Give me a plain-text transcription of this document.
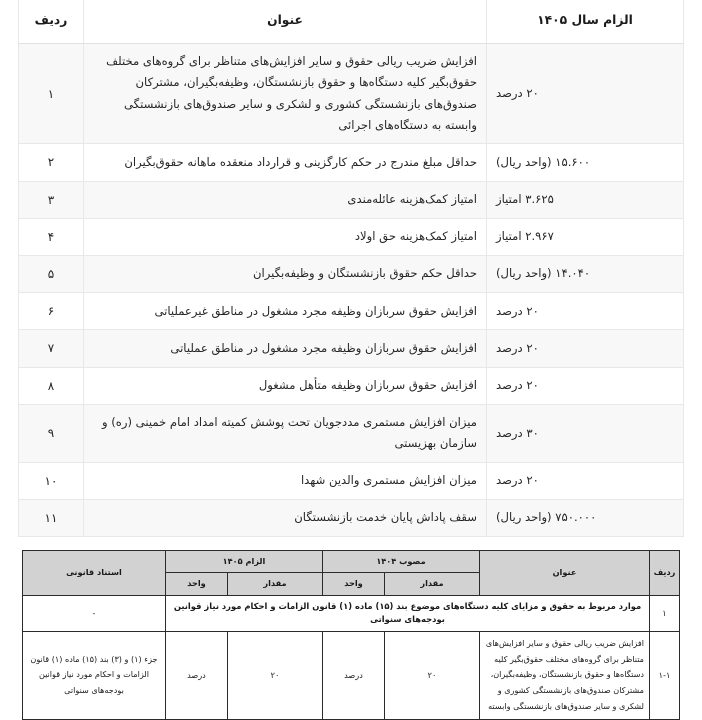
الزام سال ۱۴۰۵	عنوان	ردیف
۲۰ درصد	افزایش ضریب ریالی حقوق و سایر افزایش‌های متناظر برای گروه‌های مختلف حقوق‌بگیر کلیه دستگاه‌ها و حقوق بازنشستگان، وظیفه‌بگیران، مشترکان صندوق‌های بازنشستگی کشوری و لشکری و سایر صندوق‌های بازنشستگی وابسته به دستگاه‌های اجرائی	۱
۱۵.۶۰۰ (واحد ریال)	حداقل مبلغ مندرج در حکم کارگزینی و قرارداد منعقده ماهانه حقوق‌بگیران	۲
۳.۶۲۵ امتیاز	امتیاز کمک‌هزینه عائله‌مندی	۳
۲.۹۶۷ امتیاز	امتیاز کمک‌هزینه حق اولاد	۴
۱۴.۰۴۰ (واحد ریال)	حداقل حکم حقوق بازنشستگان و وظیفه‌بگیران	۵
۲۰ درصد	افزایش حقوق سربازان وظیفه مجرد مشغول در مناطق غیرعملیاتی	۶
۲۰ درصد	افزایش حقوق سربازان وظیفه مجرد مشغول در مناطق عملیاتی	۷
۲۰ درصد	افزایش حقوق سربازان وظیفه متأهل مشغول	۸
۳۰ درصد	میزان افزایش مستمری مددجویان تحت پوشش کمیته امداد امام خمینی (ره) و سازمان بهزیستی	۹
۲۰ درصد	میزان افزایش مستمری والدین شهدا	۱۰
۷۵۰.۰۰۰ (واحد ریال)	سقف پاداش پایان خدمت بازنشستگان	۱۱
ردیف	عنوان	مصوب ۱۴۰۴		الزام ۱۴۰۵		استناد قانونی
		مقدار	واحد	مقدار	واحد	
۱	موارد مربوط به حقوق و مزایای کلیه دستگاه‌های موضوع بند (۱۵) ماده (۱) قانون الزامات و احکام مورد نیاز قوانین بودجه‌های سنواتی					-
۱-۱	افزایش ضریب ریالی حقوق و سایر افزایش‌های متناظر برای گروه‌های مختلف حقوق‌بگیر کلیه دستگاه‌ها و حقوق بازنشستگان، وظیفه‌بگیران، مشترکان صندوق‌های بازنشستگی کشوری و لشکری و سایر صندوق‌های بازنشستگی وابسته	۲۰	درصد	۲۰	درصد	جزء (۱) و (۳) بند (۱۵) ماده (۱) قانون الزامات و احکام مورد نیاز قوانین بودجه‌های سنواتی
